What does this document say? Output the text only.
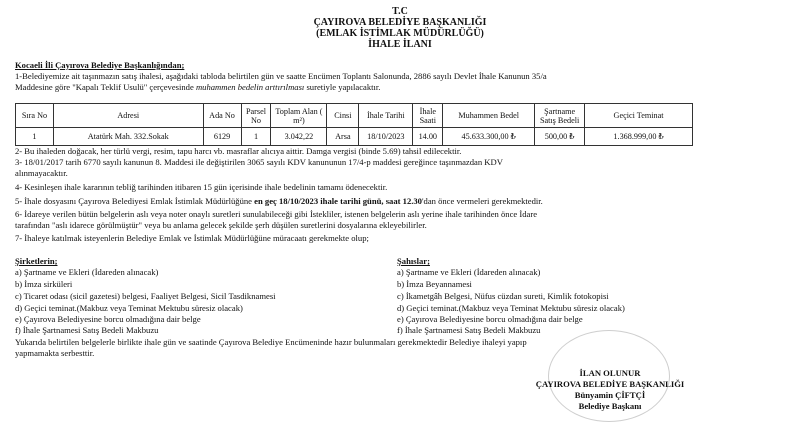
T.C
ÇAYIROVA BELEDİYE BAŞKANLIĞI
(EMLAK İSTİMLAK MÜDÜRLÜĞÜ)
İHALE İLANI
Kocaeli İli Çayırova Belediye Başkanlığından;
1-Belediyemize ait taşınmazın satış ihalesi, aşağıdaki tabloda belirtilen gün ve saatte Encümen Toplantı Salonunda, 2886 sayılı Devlet İhale Kanunun 35/a
Maddesine göre "Kapalı Teklif Usulü" çerçevesinde muhammen bedelin arttırılması suretiyle yapılacaktır.
Sıra No	Adresi	Ada No	Parsel No	Toplam Alan ( m²)	Cinsi	İhale Tarihi	İhale Saati	Muhammen Bedel	Şartname Satış Bedeli	Geçici Teminat
1	Atatürk Mah. 332.Sokak	6129	1	3.042,22	Arsa	18/10/2023	14.00	45.633.300,00 ₺	500,00 ₺	1.368.999,00 ₺
2- Bu ihaleden doğacak, her türlü vergi, resim, tapu harcı vb. masraflar alıcıya aittir. Damga vergisi (binde 5.69) tahsil edilecektir.
3- 18/01/2017 tarih 6770 sayılı kanunun 8. Maddesi ile değiştirilen 3065 sayılı KDV kanununun 17/4-p maddesi gereğince taşınmazdan KDV
alınmayacaktır.
4- Kesinleşen ihale kararının tebliğ tarihinden itibaren 15 gün içerisinde ihale bedelinin tamamı ödenecektir.
5- İhale dosyasını Çayırova Belediyesi Emlak İstimlak Müdürlüğüne en geç 18/10/2023 ihale tarihi günü, saat 12.30'dan önce vermeleri gerekmektedir.
6- İdareye verilen bütün belgelerin aslı veya noter onaylı suretleri sunulabileceği gibi İstekliler, istenen belgelerin aslı yerine ihale tarihinden önce İdare
tarafından "aslı idarece görülmüştür" veya bu anlama gelecek şekilde şerh düşülen suretlerini dosyalarına ekleyebilirler.
7- İhaleye katılmak isteyenlerin Belediye Emlak ve İstimlak Müdürlüğüne müracaatı gerekmekte olup;
Şirketlerin;
a) Şartname ve Ekleri (İdareden alınacak)
b) İmza sirküleri
c) Ticaret odası (sicil gazetesi) belgesi, Faaliyet Belgesi, Sicil Tasdiknamesi
d) Geçici teminat.(Makbuz veya Teminat Mektubu süresiz olacak)
e) Çayırova Belediyesine borcu olmadığına dair belge
f) İhale Şartnamesi Satış Bedeli Makbuzu
Şahıslar;
a) Şartname ve Ekleri (İdareden alınacak)
b) İmza Beyannamesi
c) İkametgâh Belgesi, Nüfus cüzdan sureti, Kimlik fotokopisi
d) Geçici teminat.(Makbuz veya Teminat Mektubu süresiz olacak)
e) Çayırova Belediyesine borcu olmadığına dair belge
f) İhale Şartnamesi Satış Bedeli Makbuzu
Yukarıda belirtilen belgelerle birlikte ihale gün ve saatinde Çayırova Belediye Encümeninde hazır bulunmaları gerekmektedir Belediye ihaleyi yapıp
yapmamakta serbesttir.
İLAN OLUNUR
ÇAYIROVA BELEDİYE BAŞKANLIĞI
Bünyamin ÇİFTÇİ
Belediye Başkanı
